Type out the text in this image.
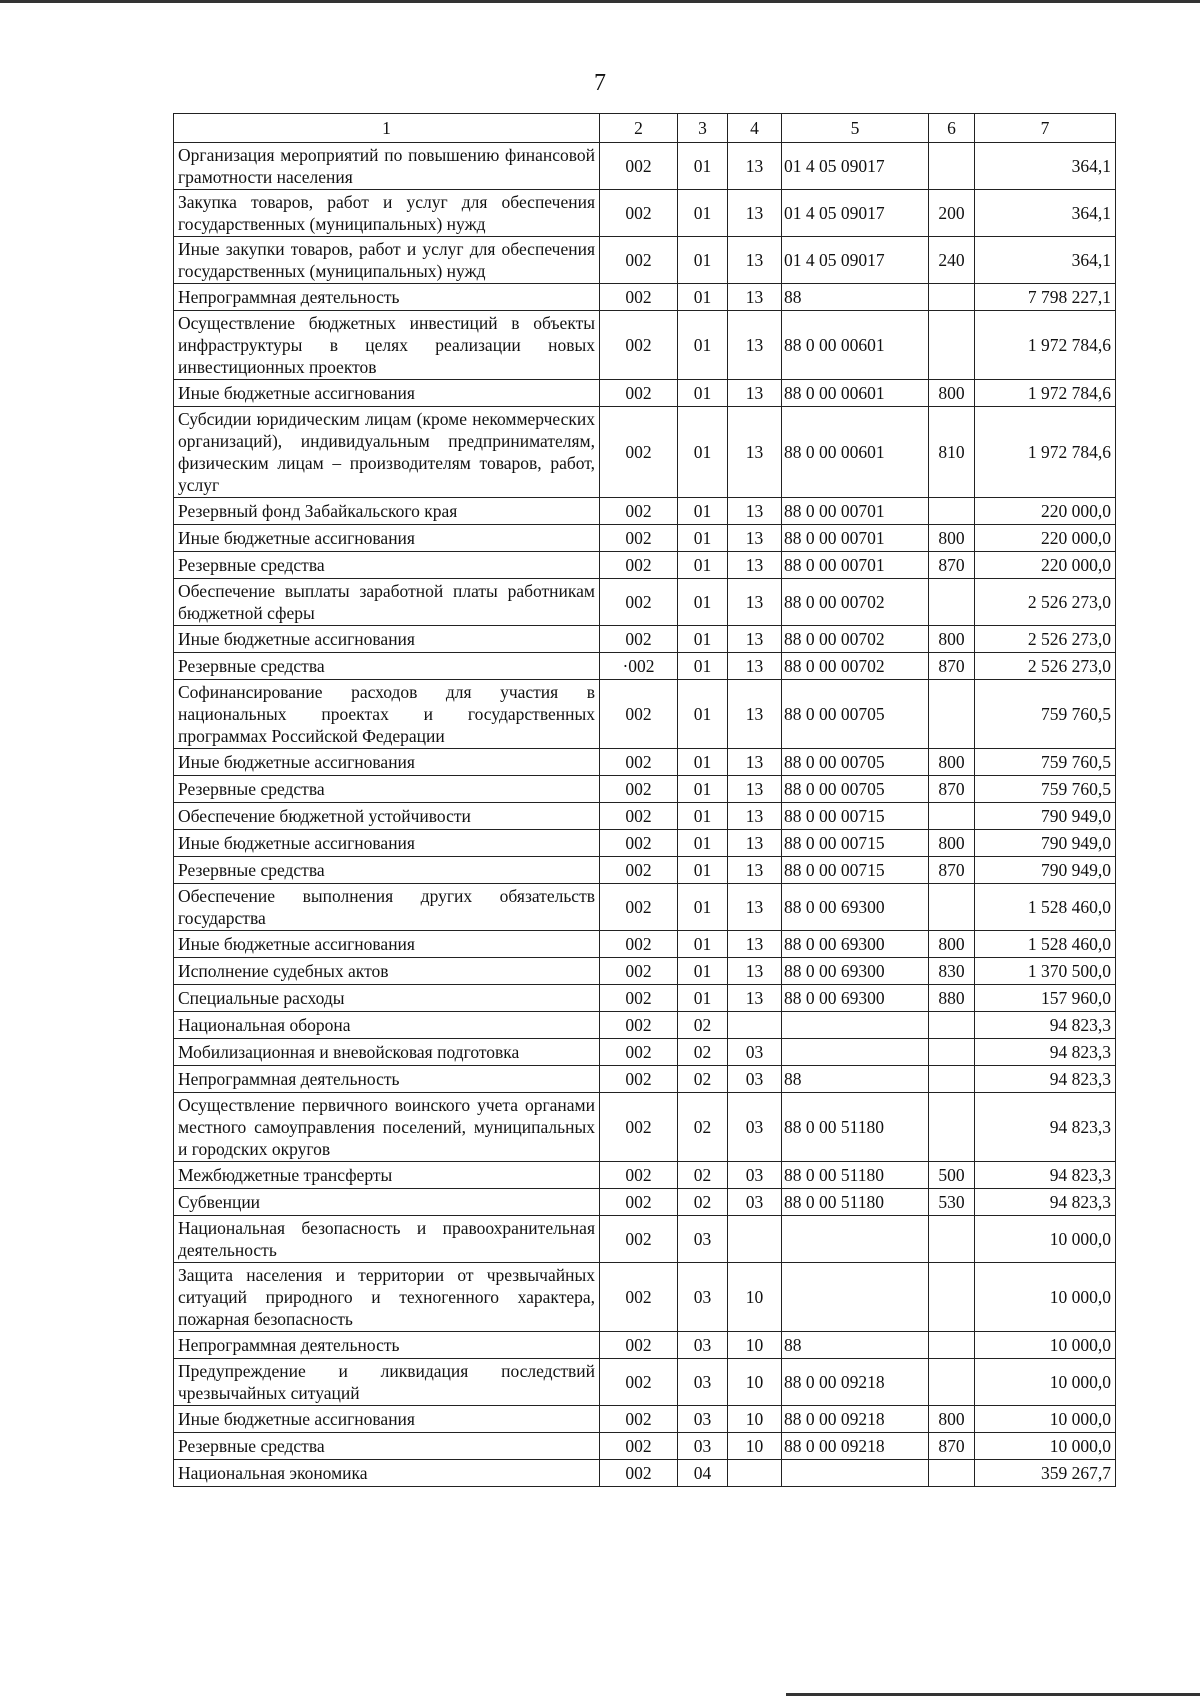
7
1	2	3	4	5	6	7
Организация мероприятий по повышению финансовой грамотности населения	002	01	13	01 4 05 09017		364,1
Закупка товаров, работ и услуг для обеспечения государственных (муниципальных) нужд	002	01	13	01 4 05 09017	200	364,1
Иные закупки товаров, работ и услуг для обеспечения государственных (муниципальных) нужд	002	01	13	01 4 05 09017	240	364,1
Непрограммная деятельность	002	01	13	88		7 798 227,1
Осуществление бюджетных инвестиций в объекты инфраструктуры в целях реализации новых инвестиционных проектов	002	01	13	88 0 00 00601		1 972 784,6
Иные бюджетные ассигнования	002	01	13	88 0 00 00601	800	1 972 784,6
Субсидии юридическим лицам (кроме некоммерческих организаций), индивидуальным предпринимателям, физическим лицам – производителям товаров, работ, услуг	002	01	13	88 0 00 00601	810	1 972 784,6
Резервный фонд Забайкальского края	002	01	13	88 0 00 00701		220 000,0
Иные бюджетные ассигнования	002	01	13	88 0 00 00701	800	220 000,0
Резервные средства	002	01	13	88 0 00 00701	870	220 000,0
Обеспечение выплаты заработной платы работникам бюджетной сферы	002	01	13	88 0 00 00702		2 526 273,0
Иные бюджетные ассигнования	002	01	13	88 0 00 00702	800	2 526 273,0
Резервные средства	·002	01	13	88 0 00 00702	870	2 526 273,0
Софинансирование расходов для участия в национальных проектах и государственных программах Российской Федерации	002	01	13	88 0 00 00705		759 760,5
Иные бюджетные ассигнования	002	01	13	88 0 00 00705	800	759 760,5
Резервные средства	002	01	13	88 0 00 00705	870	759 760,5
Обеспечение бюджетной устойчивости	002	01	13	88 0 00 00715		790 949,0
Иные бюджетные ассигнования	002	01	13	88 0 00 00715	800	790 949,0
Резервные средства	002	01	13	88 0 00 00715	870	790 949,0
Обеспечение выполнения других обязательств государства	002	01	13	88 0 00 69300		1 528 460,0
Иные бюджетные ассигнования	002	01	13	88 0 00 69300	800	1 528 460,0
Исполнение судебных актов	002	01	13	88 0 00 69300	830	1 370 500,0
Специальные расходы	002	01	13	88 0 00 69300	880	157 960,0
Национальная оборона	002	02				94 823,3
Мобилизационная и вневойсковая подготовка	002	02	03			94 823,3
Непрограммная деятельность	002	02	03	88		94 823,3
Осуществление первичного воинского учета органами местного самоуправления поселений, муниципальных и городских округов	002	02	03	88 0 00 51180		94 823,3
Межбюджетные трансферты	002	02	03	88 0 00 51180	500	94 823,3
Субвенции	002	02	03	88 0 00 51180	530	94 823,3
Национальная безопасность и правоохранительная деятельность	002	03				10 000,0
Защита населения и территории от чрезвычайных ситуаций природного и техногенного характера, пожарная безопасность	002	03	10			10 000,0
Непрограммная деятельность	002	03	10	88		10 000,0
Предупреждение и ликвидация последствий чрезвычайных ситуаций	002	03	10	88 0 00 09218		10 000,0
Иные бюджетные ассигнования	002	03	10	88 0 00 09218	800	10 000,0
Резервные средства	002	03	10	88 0 00 09218	870	10 000,0
Национальная экономика	002	04				359 267,7
